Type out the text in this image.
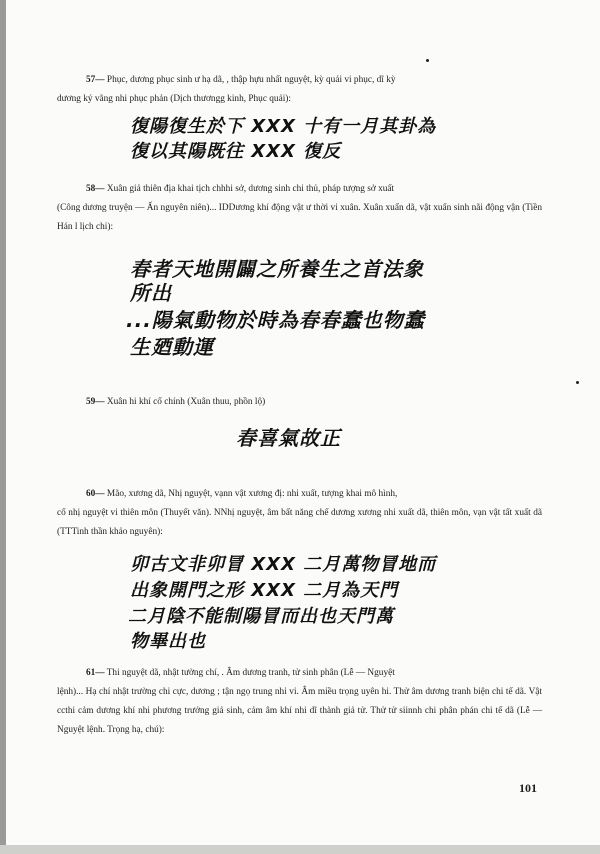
57— Phục, dương phục sinh ư hạ dã, , thập hựu nhất nguyệt, kỳ quải vi phục, dĩ kỳ
dương ký vãng nhi phục phản (Dịch thươngg kinh, Phục quải):

復陽復生於下 XXX 十有一月其卦為
復以其陽既往 XXX 復反

58— Xuân giả thiên địa khai tịch chhhi sở, dương sinh chi thủ, pháp tượng sở xuất
(Công dương truyện — Ấn nguyên niên)... IDDương khí động vật ư thời vi xuân. Xuân xuẩn dã, vật xuẩn sinh nãi động vận (Tiền Hán l lịch chi):

春者天地開闢之所養生之首法象
所出
...陽氣動物於時為春春蠢也物蠢
生廼動運

59— Xuân hi khí cố chính (Xuân thuu, phồn lộ)

春喜氣故正

60— Mão, xương dã, Nhị nguyệt, vạnn vật xương đị: nhi xuất, tượng khai mô hình,
cố nhị nguyệt vi thiên môn (Thuyết văn). NNhị nguyệt, âm bất năng chế dương xương nhi xuất dã, thiên môn, vạn vật tất xuất dã (TTTinh thần khảo nguyên):

卯古文非卯冒 XXX 二月萬物冒地而
出象開門之形 XXX 二月為天門
二月陰不能制陽冒而出也天門萬
物畢出也

61— Thi nguyệt dã, nhật tường chí, . Âm dương tranh, tử sinh phân (Lễ — Nguyệt
lệnh)... Hạ chí nhật trường chi cực, dương ; tận ngọ trung nhi vi. Âm miều trọng uyên hi. Thử âm dương tranh biện chi tế dã. Vật ccthi cảm dương khí nhi phương trưởng giả sinh, cảm âm khí nhi dĩ thành giả tử. Thử tử siinnh chi phân phán chi tế dã (Lễ — Nguyệt lệnh. Trọng hạ, chú):

101
